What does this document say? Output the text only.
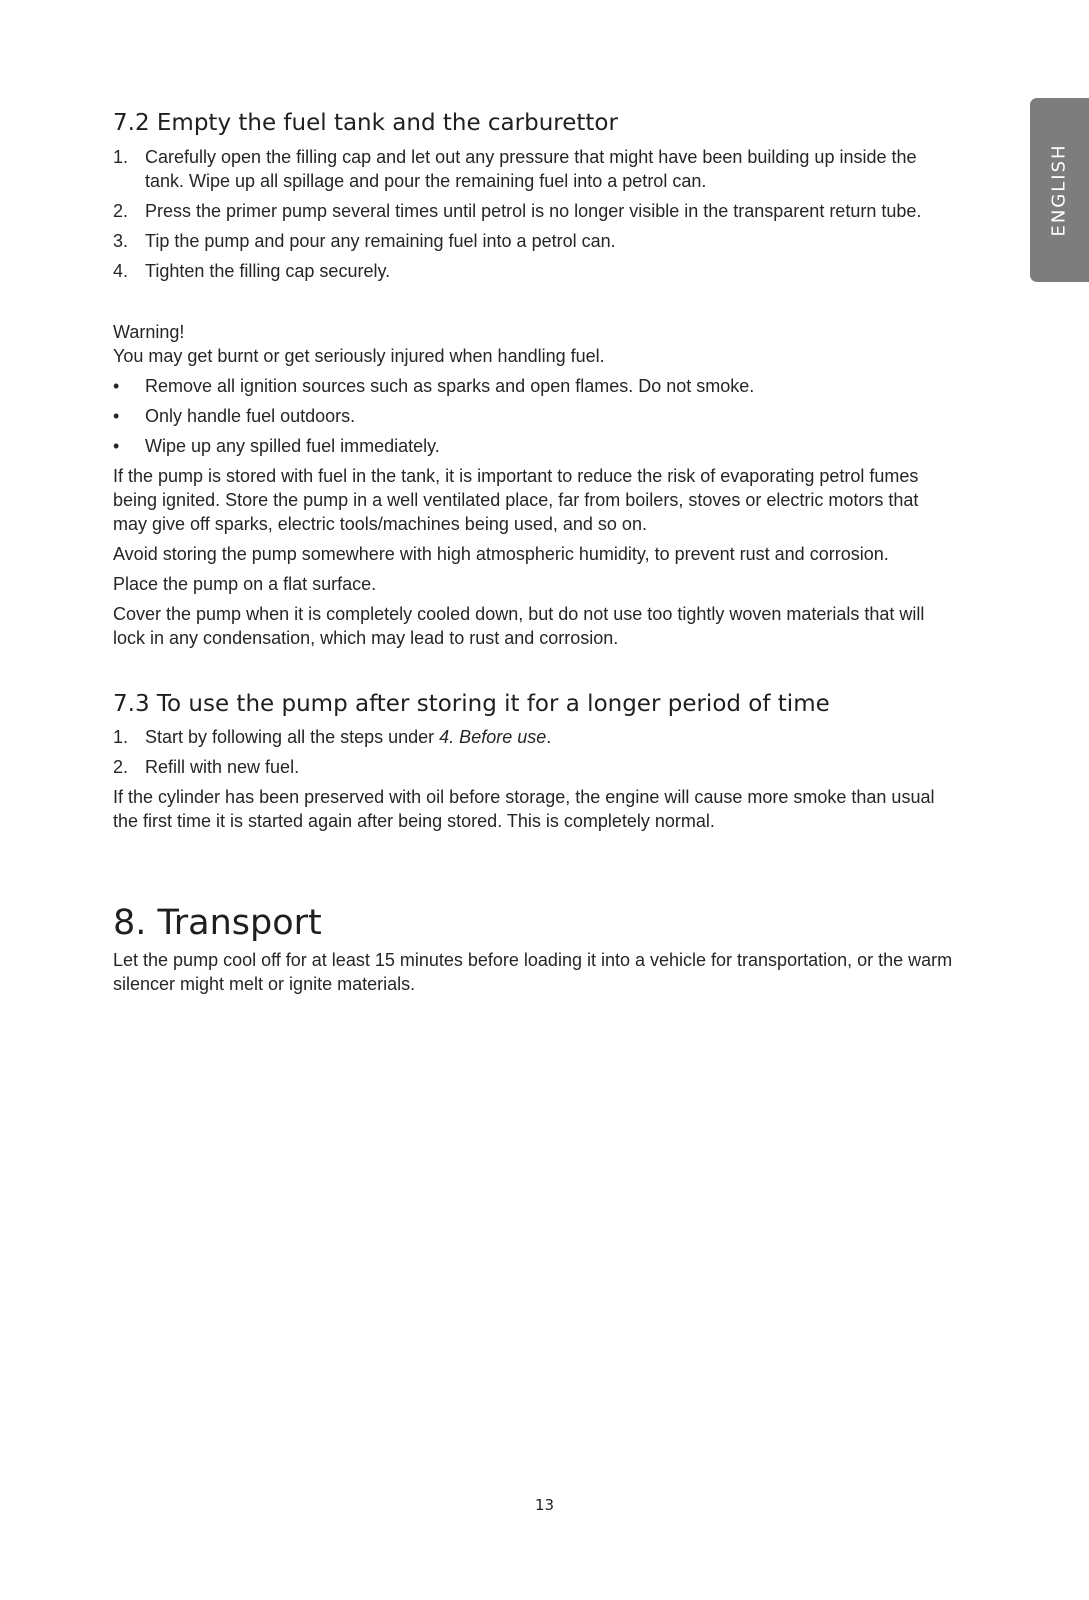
ENGLISH
7.2 Empty the fuel tank and the carburettor
1. Carefully open the filling cap and let out any pressure that might have been building up inside the tank. Wipe up all spillage and pour the remaining fuel into a petrol can.
2. Press the primer pump several times until petrol is no longer visible in the transparent return tube.
3. Tip the pump and pour any remaining fuel into a petrol can.
4. Tighten the filling cap securely.

Warning!

You may get burnt or get seriously injured when handling fuel.

• Remove all ignition sources such as sparks and open flames. Do not smoke.
• Only handle fuel outdoors.
• Wipe up any spilled fuel immediately.

If the pump is stored with fuel in the tank, it is important to reduce the risk of evaporating petrol fumes being ignited. Store the pump in a well ventilated place, far from boilers, stoves or electric motors that may give off sparks, electric tools/machines being used, and so on.

Avoid storing the pump somewhere with high atmospheric humidity, to prevent rust and corrosion.

Place the pump on a flat surface.

Cover the pump when it is completely cooled down, but do not use too tightly woven materials that will lock in any condensation, which may lead to rust and corrosion.

7.3 To use the pump after storing it for a longer period of time
1. Start by following all the steps under 4. Before use.
2. Refill with new fuel.

If the cylinder has been preserved with oil before storage, the engine will cause more smoke than usual the first time it is started again after being stored. This is completely normal.

8. Transport

Let the pump cool off for at least 15 minutes before loading it into a vehicle for transportation, or the warm silencer might melt or ignite materials.

13
